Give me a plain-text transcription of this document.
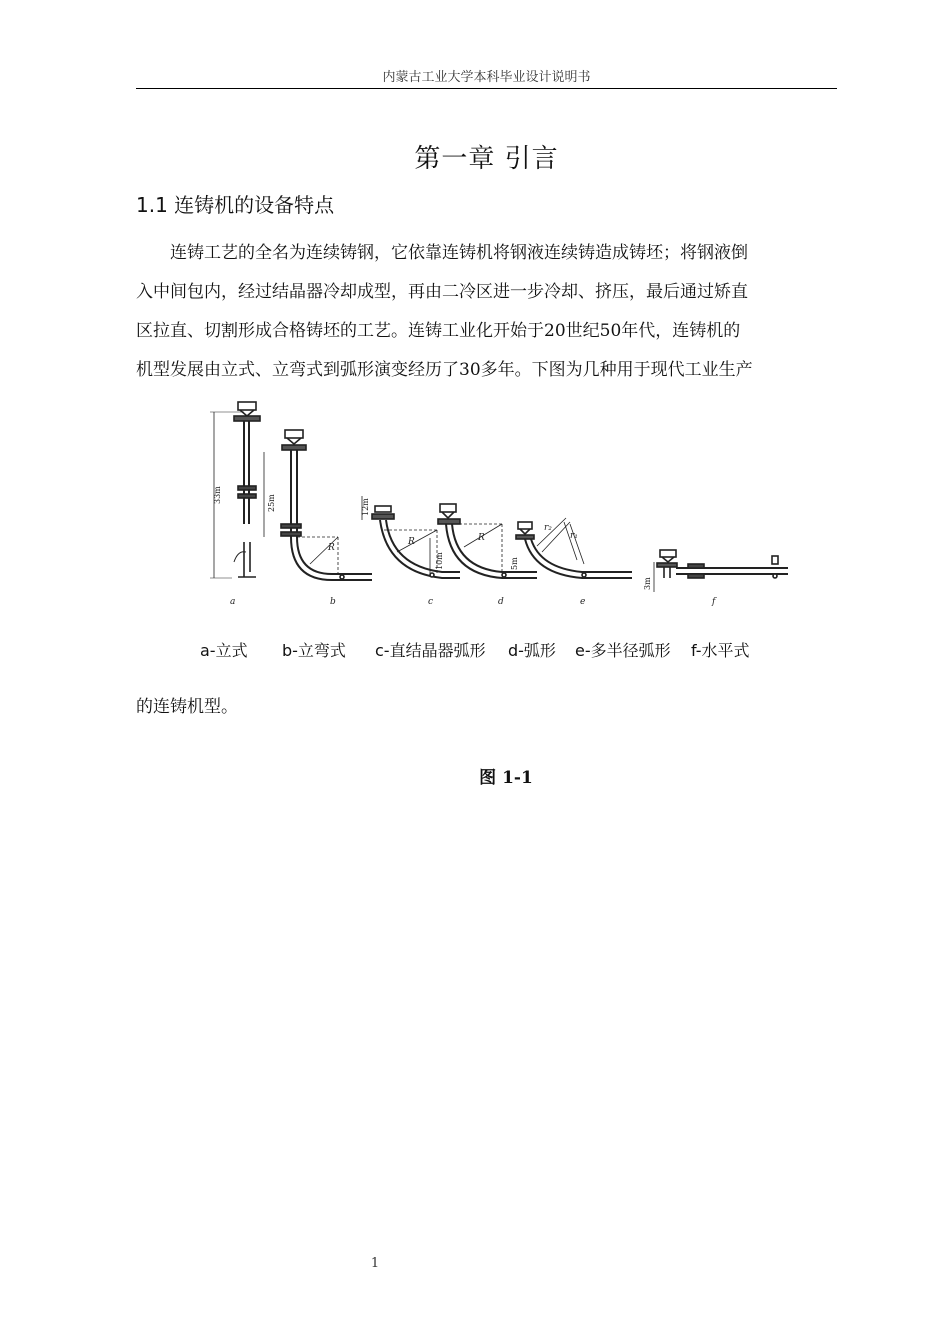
内蒙古工业大学本科毕业设计说明书
第一章 引言
1.1 连铸机的设备特点
连铸工艺的全名为连续铸钢，它依靠连铸机将钢液连续铸造成铸坯；将钢液倒
入中间包内，经过结晶器冷却成型，再由二冷区进一步冷却、挤压，最后通过矫直
区拉直、切割形成合格铸坯的工艺。连铸工业化开始于20世纪50年代，连铸机的
机型发展由立式、立弯式到弧形演变经历了30多年。下图为几种用于现代工业生产
33m	25m	12m
10m	5m
3m
R
R	R
r₂
r₁
a	b	c	d	e	f
a-立式 b-立弯式 c-直结晶器弧形 d-弧形 e-多半径弧形 f-水平式
的连铸机型。
图 1-1
1
